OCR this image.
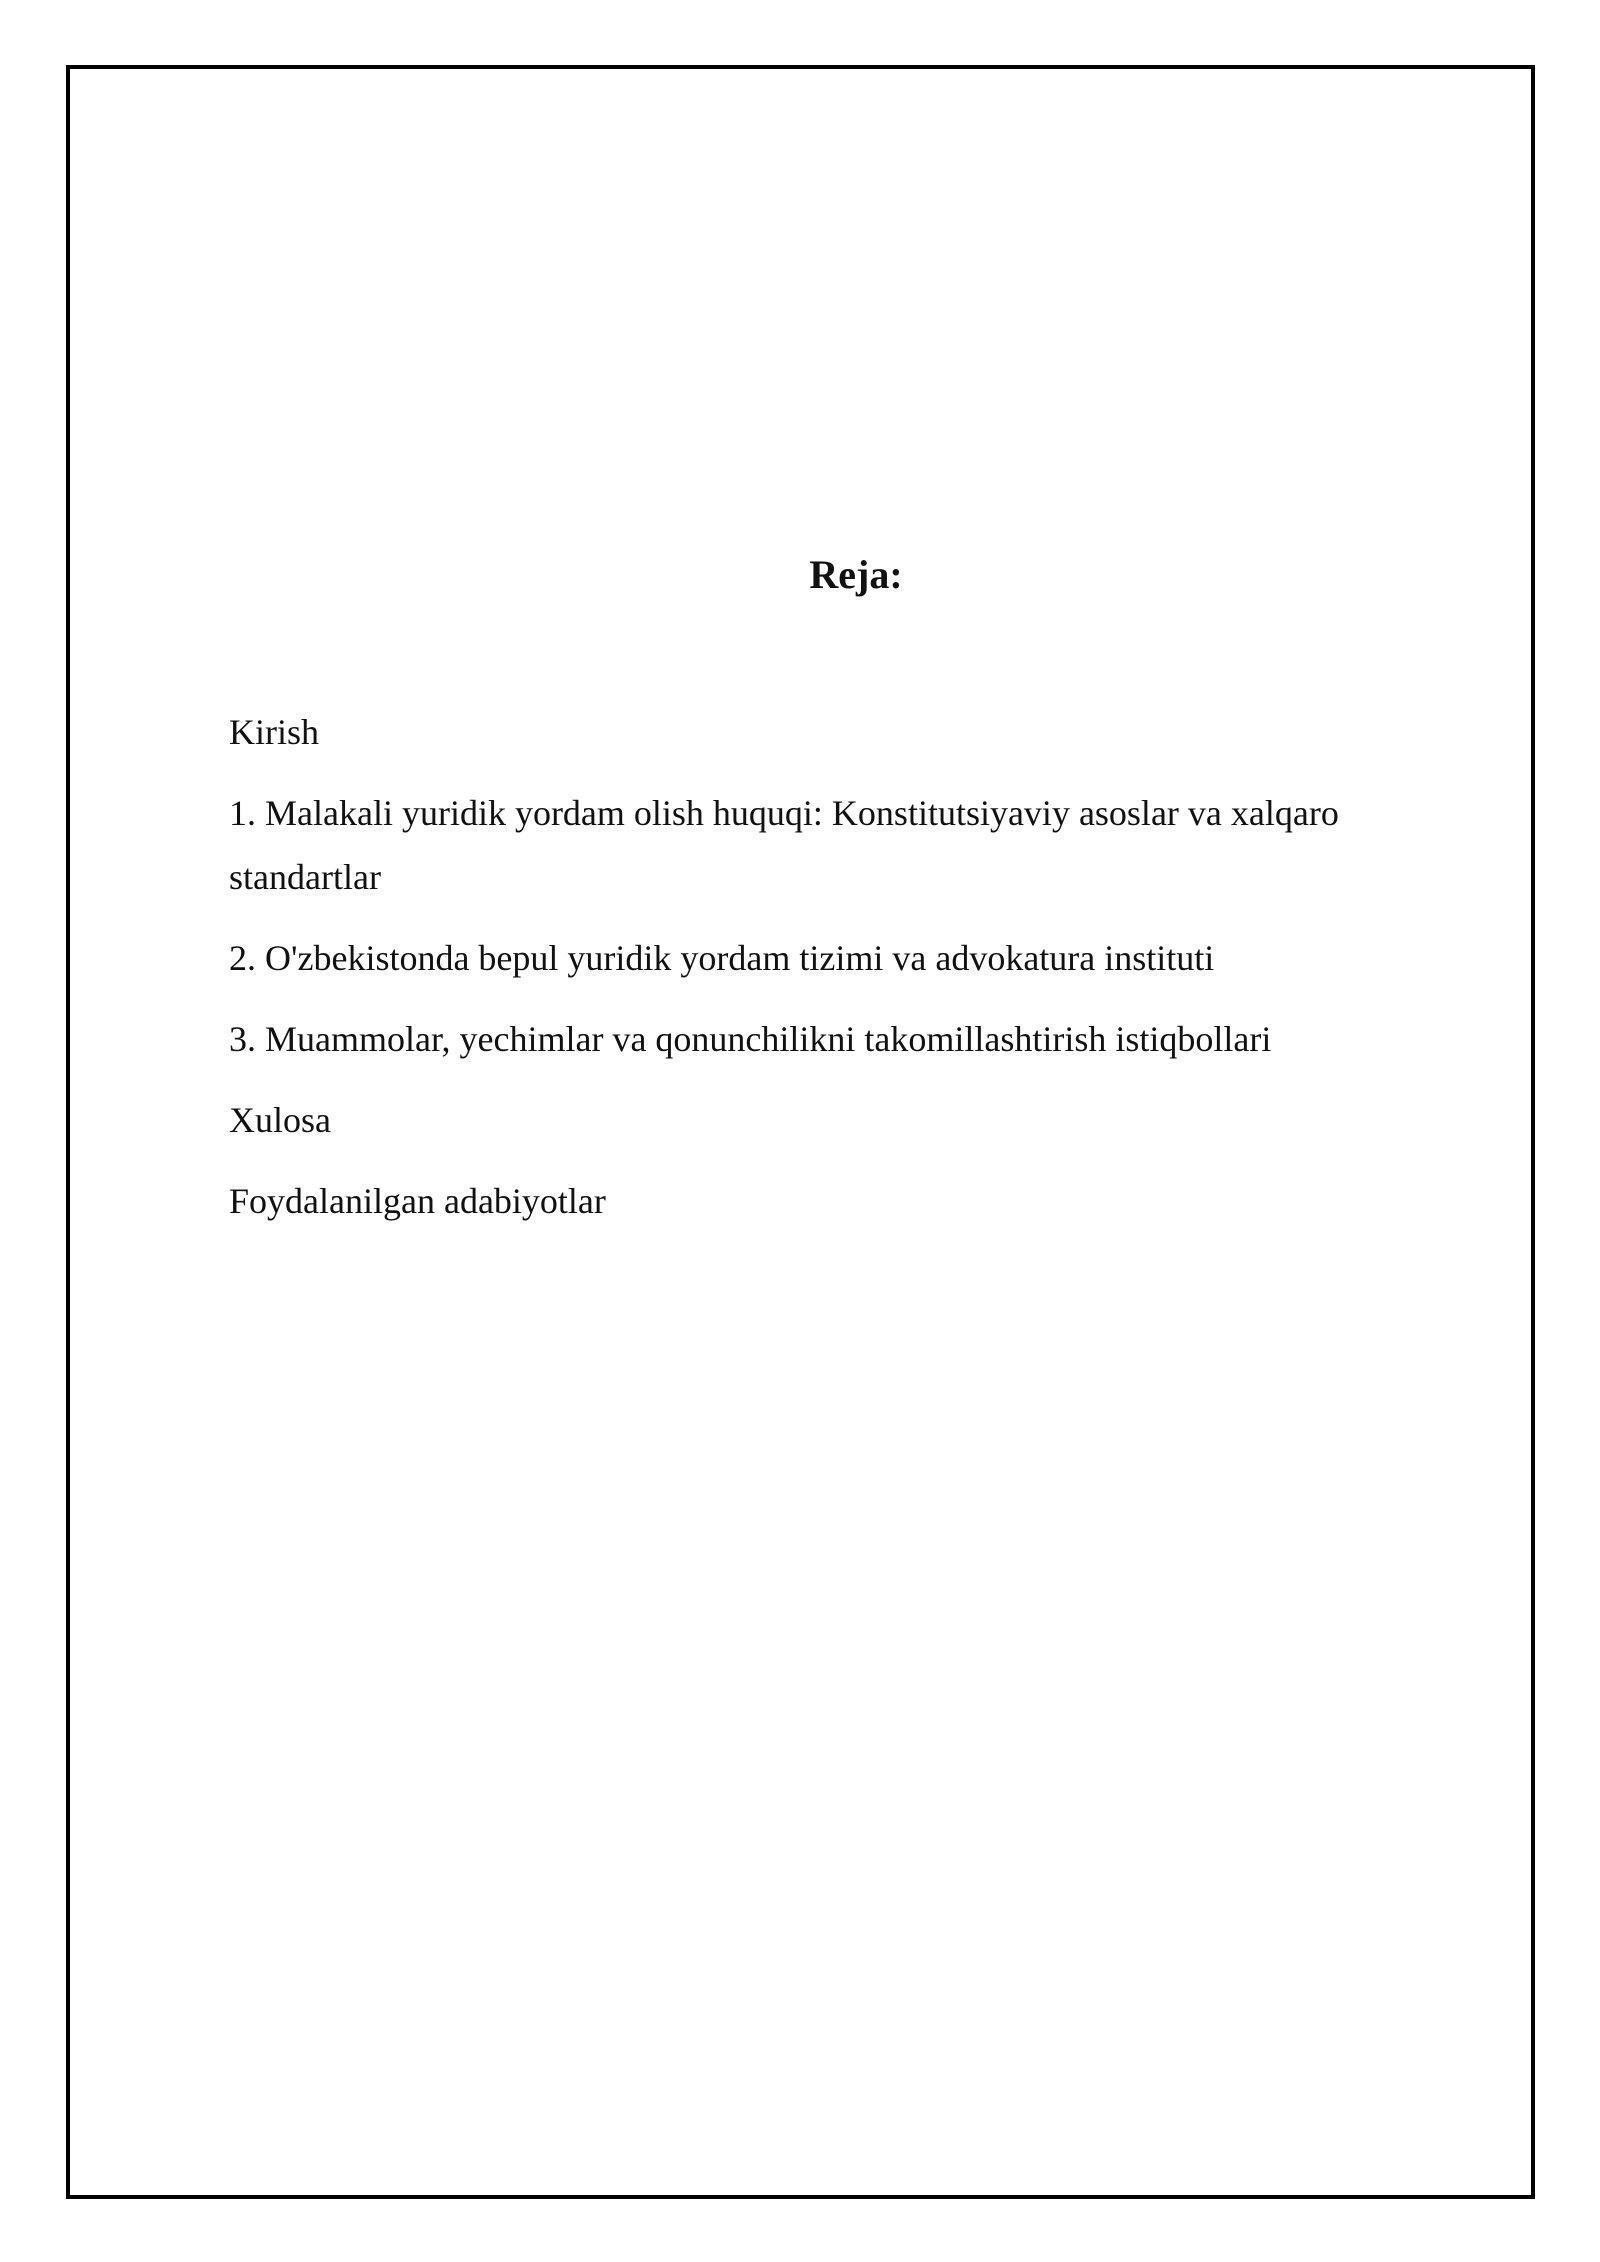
Reja:
Kirish
1. Malakali yuridik yordam olish huquqi: Konstitutsiyaviy asoslar va xalqaro standartlar
2. O'zbekistonda bepul yuridik yordam tizimi va advokatura instituti
3. Muammolar, yechimlar va qonunchilikni takomillashtirish istiqbollari
Xulosa
Foydalanilgan adabiyotlar
